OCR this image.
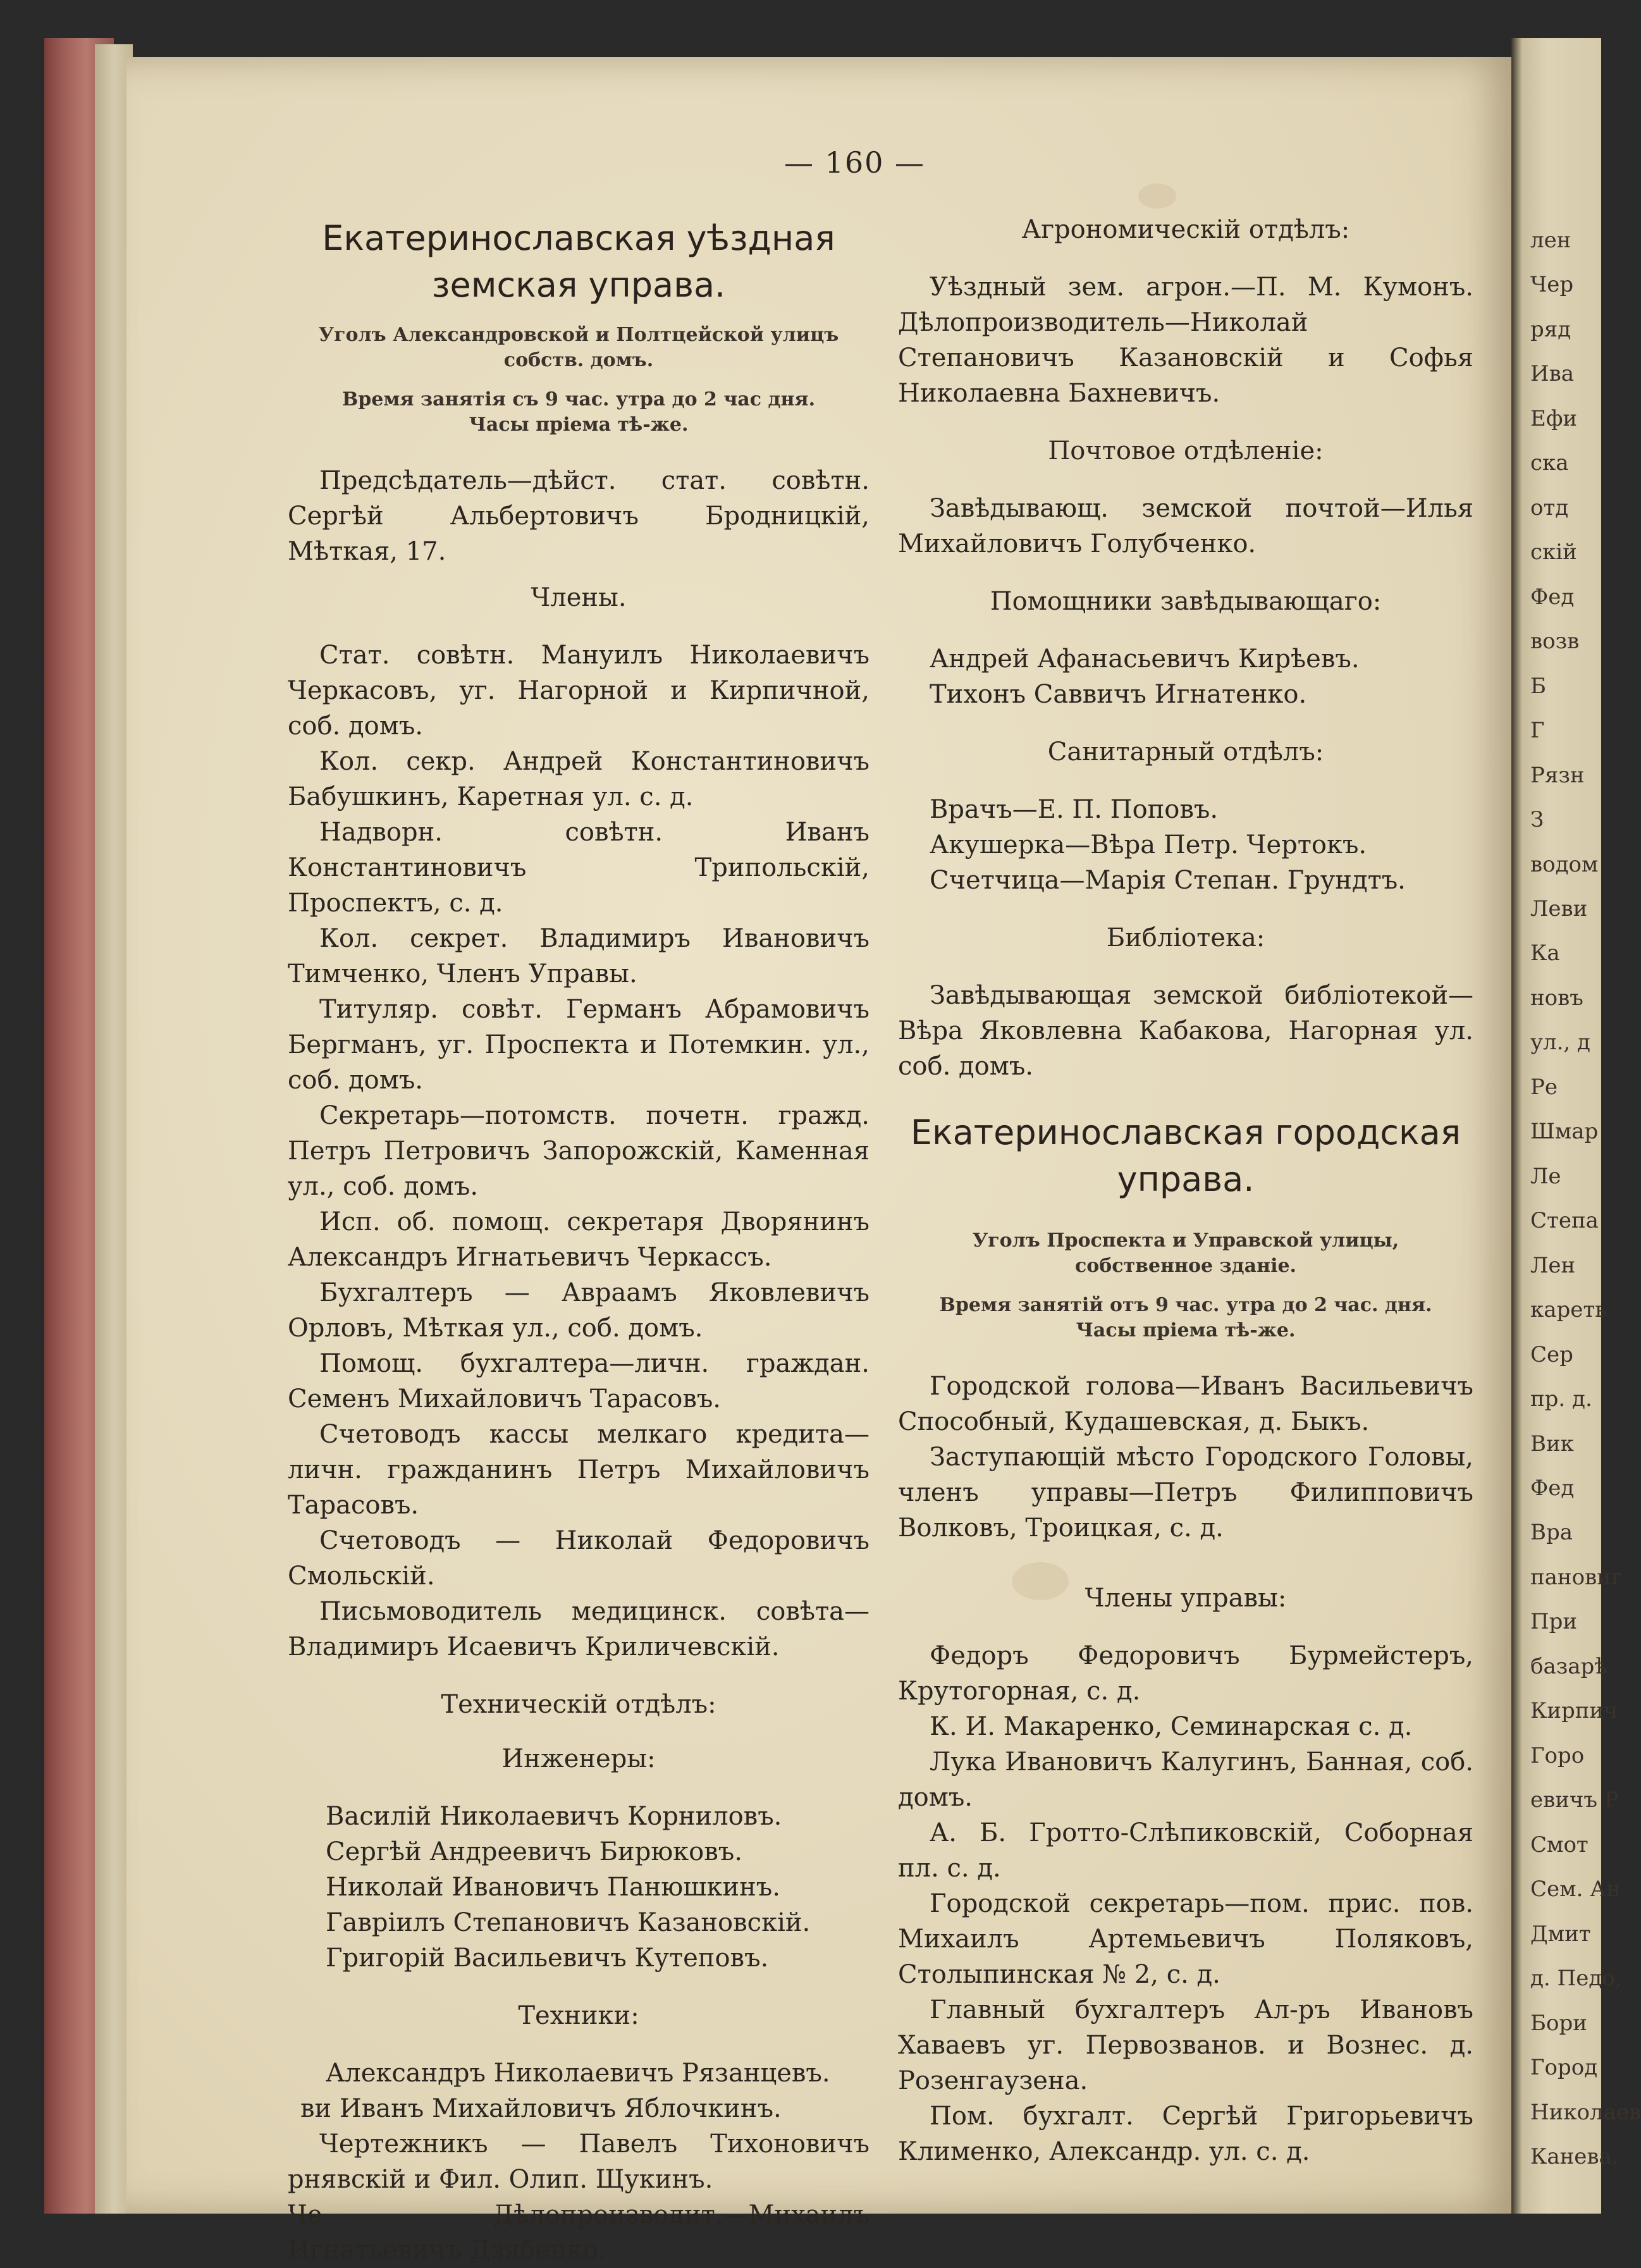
— 160 —

Екатеринославская уѣздная

земская управа.

Уголъ Александровской и Полтцейской улицъ

собств. домъ.

Время занятія съ 9 час. утра до 2 час дня.

Часы пріема тѣ-же.

Предсѣдатель—дѣйст. стат. совѣтн. Сергѣй Альбертовичъ Бродницкій, Мѣткая, 17.

Члены.

Стат. совѣтн. Мануилъ Николаевичъ Черкасовъ, уг. Нагорной и Кирпичной, соб. домъ.

Кол. секр. Андрей Константиновичъ Бабушкинъ, Каретная ул. с. д.

Надворн. совѣтн. Иванъ Константиновичъ Трипольскій, Проспектъ, с. д.

Кол. секрет. Владимиръ Ивановичъ Тимченко, Членъ Управы.

Титуляр. совѣт. Германъ Абрамовичъ Бергманъ, уг. Проспекта и Потемкин. ул., соб. домъ.

Секретарь—потомств. почетн. гражд. Петръ Петровичъ Запорожскій, Каменная ул., соб. домъ.

Исп. об. помощ. секретаря Дворянинъ Александръ Игнатьевичъ Черкассъ.

Бухгалтеръ — Авраамъ Яковлевичъ Орловъ, Мѣткая ул., соб. домъ.

Помощ. бухгалтера—личн. граждан. Семенъ Михайловичъ Тарасовъ.

Счетоводъ кассы мелкаго кредита—личн. гражданинъ Петръ Михайловичъ Тарасовъ.

Счетоводъ — Николай Федоровичъ Смольскій.

Письмоводитель медицинск. совѣта—Владимиръ Исаевичъ Криличевскій.

Техническій отдѣлъ:

Инженеры:

Василій Николаевичъ Корниловъ.

Сергѣй Андреевичъ Бирюковъ.

Николай Ивановичъ Панюшкинъ.

Гавріилъ Степановичъ Казановскій.

Григорій Васильевичъ Кутеповъ.

Техники:

Александръ Николаевичъ Рязанцевъ.

ви Иванъ Михайловичъ Яблочкинъ.

Чертежникъ — Павелъ Тихоновичъ рнявскій и Фил. Олип. Щукинъ.

Че Дѣлопроизводит.—Михаилъ Игнатьевичъ Дзябенко.

Агрономическій отдѣлъ:

Уѣздный зем. агрон.—П. М. Кумонъ. Дѣлопроизводитель—Николай Степановичъ Казановскій и Софья Николаевна Бахневичъ.

Почтовое отдѣленіе:

Завѣдывающ. земской почтой—Илья Михайловичъ Голубченко.

Помощники завѣдывающаго:

Андрей Афанасьевичъ Кирѣевъ.

Тихонъ Саввичъ Игнатенко.

Санитарный отдѣлъ:

Врачъ—Е. П. Поповъ.

Акушерка—Вѣра Петр. Чертокъ.

Счетчица—Марія Степан. Грундтъ.

Библіотека:

Завѣдывающая земской библіотекой—Вѣра Яковлевна Кабакова, Нагорная ул. соб. домъ.

Екатеринославская городская

управа.

Уголъ Проспекта и Управской улицы,

собственное зданіе.

Время занятій отъ 9 час. утра до 2 час. дня.

Часы пріема тѣ-же.

Городской голова—Иванъ Васильевичъ Способный, Кудашевская, д. Быкъ.

Заступающій мѣсто Городского Головы, членъ управы—Петръ Филипповичъ Волковъ, Троицкая, с. д.

Члены управы:

Федоръ Федоровичъ Бурмейстеръ, Крутогорная, с. д.

К. И. Макаренко, Семинарская с. д.

Лука Ивановичъ Калугинъ, Банная, соб. домъ.

А. Б. Гротто-Слѣпиковскій, Соборная пл. с. д.

Городской секретарь—пом. прис. пов. Михаилъ Артемьевичъ Поляковъ, Столыпинская № 2, с. д.

Главный бухгалтеръ Ал-ръ Ивановъ Хаваевъ уг. Первозванов. и Вознес. д. Розенгаузена.

Пом. бухгалт. Сергѣй Григорьевичъ Клименко, Александр. ул. с. д.

лен
Чер
ряд
Ива
Ефи
ска
отд
скій
Фед
возв
Б
Г
Рязн
З
водом
Леви
Ка
новъ
ул., д
Ре
Шмар
Ле
Степа
Лен
кареть
Сер
пр. д.
Вик
Фед
Вра
пановиг
При
базарѣ
Кирпич
Горо
евичъ Р
Смот
Сем. Ан
Дмит
д. Педо,
Бори
Город
Николаев
Канева.
